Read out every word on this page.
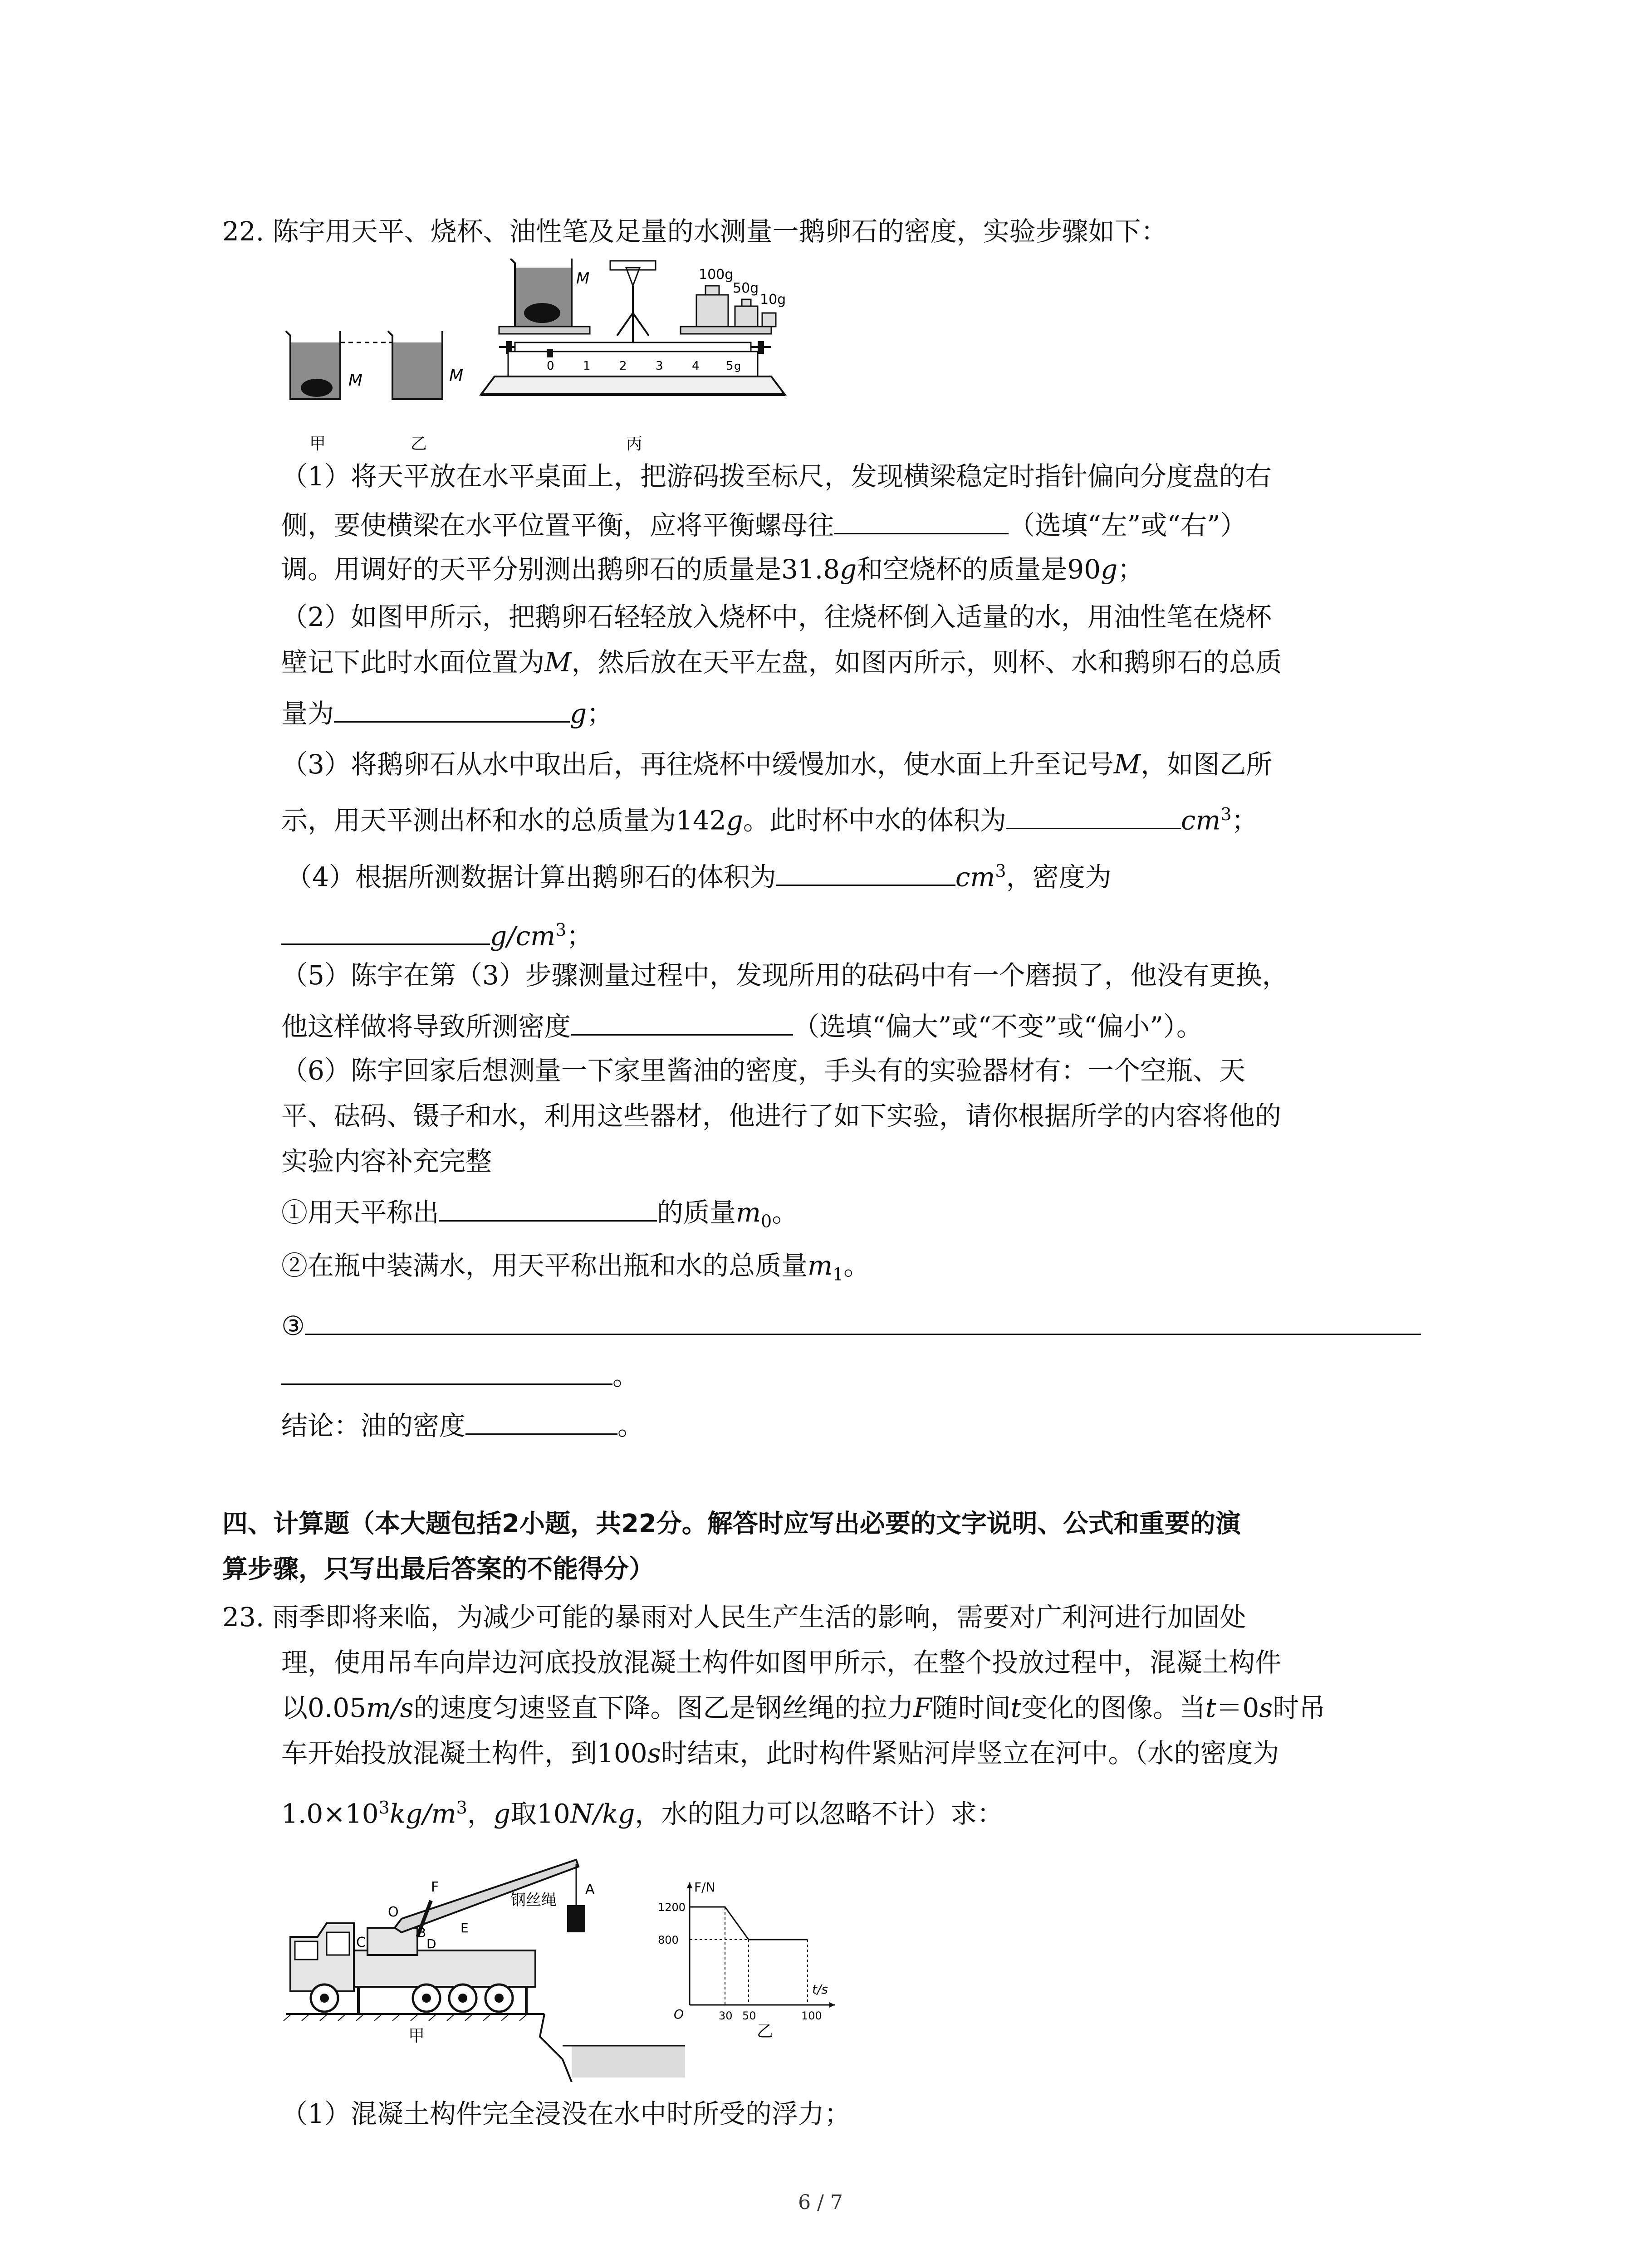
22. 陈宇用天平、烧杯、油性笔及足量的水测量一鹅卵石的密度，实验步骤如下：
M	M
M	100g
50g
10g
0 1 2 3 4 5 g
甲	乙	丙
（1）将天平放在水平桌面上，把游码拨至标尺，发现横梁稳定时指针偏向分度盘的右
侧，要使横梁在水平位置平衡，应将平衡螺母往	（选填“左”或“右”）
调。用调好的天平分别测出鹅卵石的质量是31.8g和空烧杯的质量是90g；
（2）如图甲所示，把鹅卵石轻轻放入烧杯中，往烧杯倒入适量的水，用油性笔在烧杯
壁记下此时水面位置为M，然后放在天平左盘，如图丙所示，则杯、水和鹅卵石的总质
量为	g；
（3）将鹅卵石从水中取出后，再往烧杯中缓慢加水，使水面上升至记号M，如图乙所
示，用天平测出杯和水的总质量为142g。此时杯中水的体积为	$cm^3$；
（4）根据所测数据计算出鹅卵石的体积为	$cm^3$，密度为
$g/cm^3$；
（5）陈宇在第（3）步骤测量过程中，发现所用的砝码中有一个磨损了，他没有更换，
他这样做将导致所测密度	（选填“偏大”或“不变”或“偏小”）。
（6）陈宇回家后想测量一下家里酱油的密度，手头有的实验器材有：一个空瓶、天
平、砝码、镊子和水，利用这些器材，他进行了如下实验，请你根据所学的内容将他的
实验内容补充完整
①用天平称出	的质量$m_0$。
②在瓶中装满水，用天平称出瓶和水的总质量$m_1$。
③
。
结论：油的密度	。
四、计算题（本大题包括2小题，共22分。解答时应写出必要的文字说明、公式和重要的演
算步骤，只写出最后答案的不能得分）
23. 雨季即将来临，为减少可能的暴雨对人民生产生活的影响，需要对广利河进行加固处
理，使用吊车向岸边河底投放混凝土构件如图甲所示，在整个投放过程中，混凝土构件
以0.05m/s的速度匀速竖直下降。图乙是钢丝绳的拉力F随时间t变化的图像。当t＝0s时吊
车开始投放混凝土构件，到100s时结束，此时构件紧贴河岸竖立在河中。（水的密度为
$1.0\times 10^3kg/m^3$，g取10N/kg，水的阻力可以忽略不计）求：
O
F
B
C	D
E
A
钢丝绳
甲
F/N
t/s
O	30 50	100
1200
800
乙
（1）混凝土构件完全浸没在水中时所受的浮力；
6 / 7
